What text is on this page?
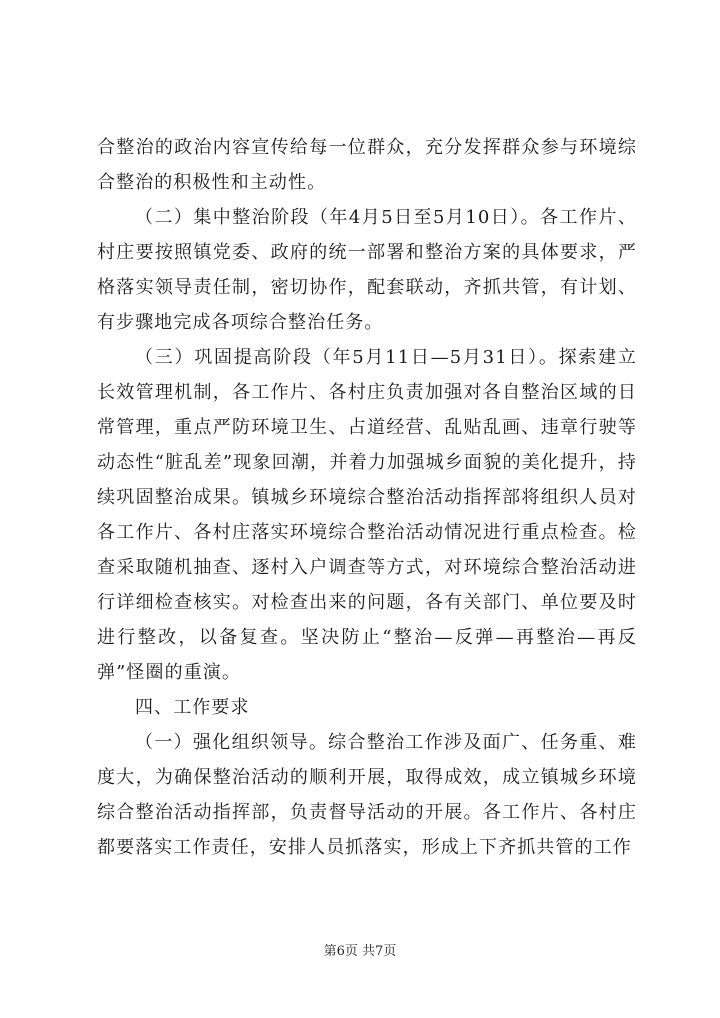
合整治的政治内容宣传给每一位群众，充分发挥群众参与环境综合整治的积极性和主动性。

（二）集中整治阶段（年4月5日至5月10日）。各工作片、村庄要按照镇党委、政府的统一部署和整治方案的具体要求，严格落实领导责任制，密切协作，配套联动，齐抓共管，有计划、有步骤地完成各项综合整治任务。

（三）巩固提高阶段（年5月11日—5月31日）。探索建立长效管理机制，各工作片、各村庄负责加强对各自整治区域的日常管理，重点严防环境卫生、占道经营、乱贴乱画、违章行驶等动态性“脏乱差”现象回潮，并着力加强城乡面貌的美化提升，持续巩固整治成果。镇城乡环境综合整治活动指挥部将组织人员对各工作片、各村庄落实环境综合整治活动情况进行重点检查。检查采取随机抽查、逐村入户调查等方式，对环境综合整治活动进行详细检查核实。对检查出来的问题，各有关部门、单位要及时进行整改，以备复查。坚决防止“整治—反弹—再整治—再反弹”怪圈的重演。

四、工作要求

（一）强化组织领导。综合整治工作涉及面广、任务重、难度大，为确保整治活动的顺利开展，取得成效，成立镇城乡环境综合整治活动指挥部，负责督导活动的开展。各工作片、各村庄都要落实工作责任，安排人员抓落实，形成上下齐抓共管的工作

第6页 共7页
